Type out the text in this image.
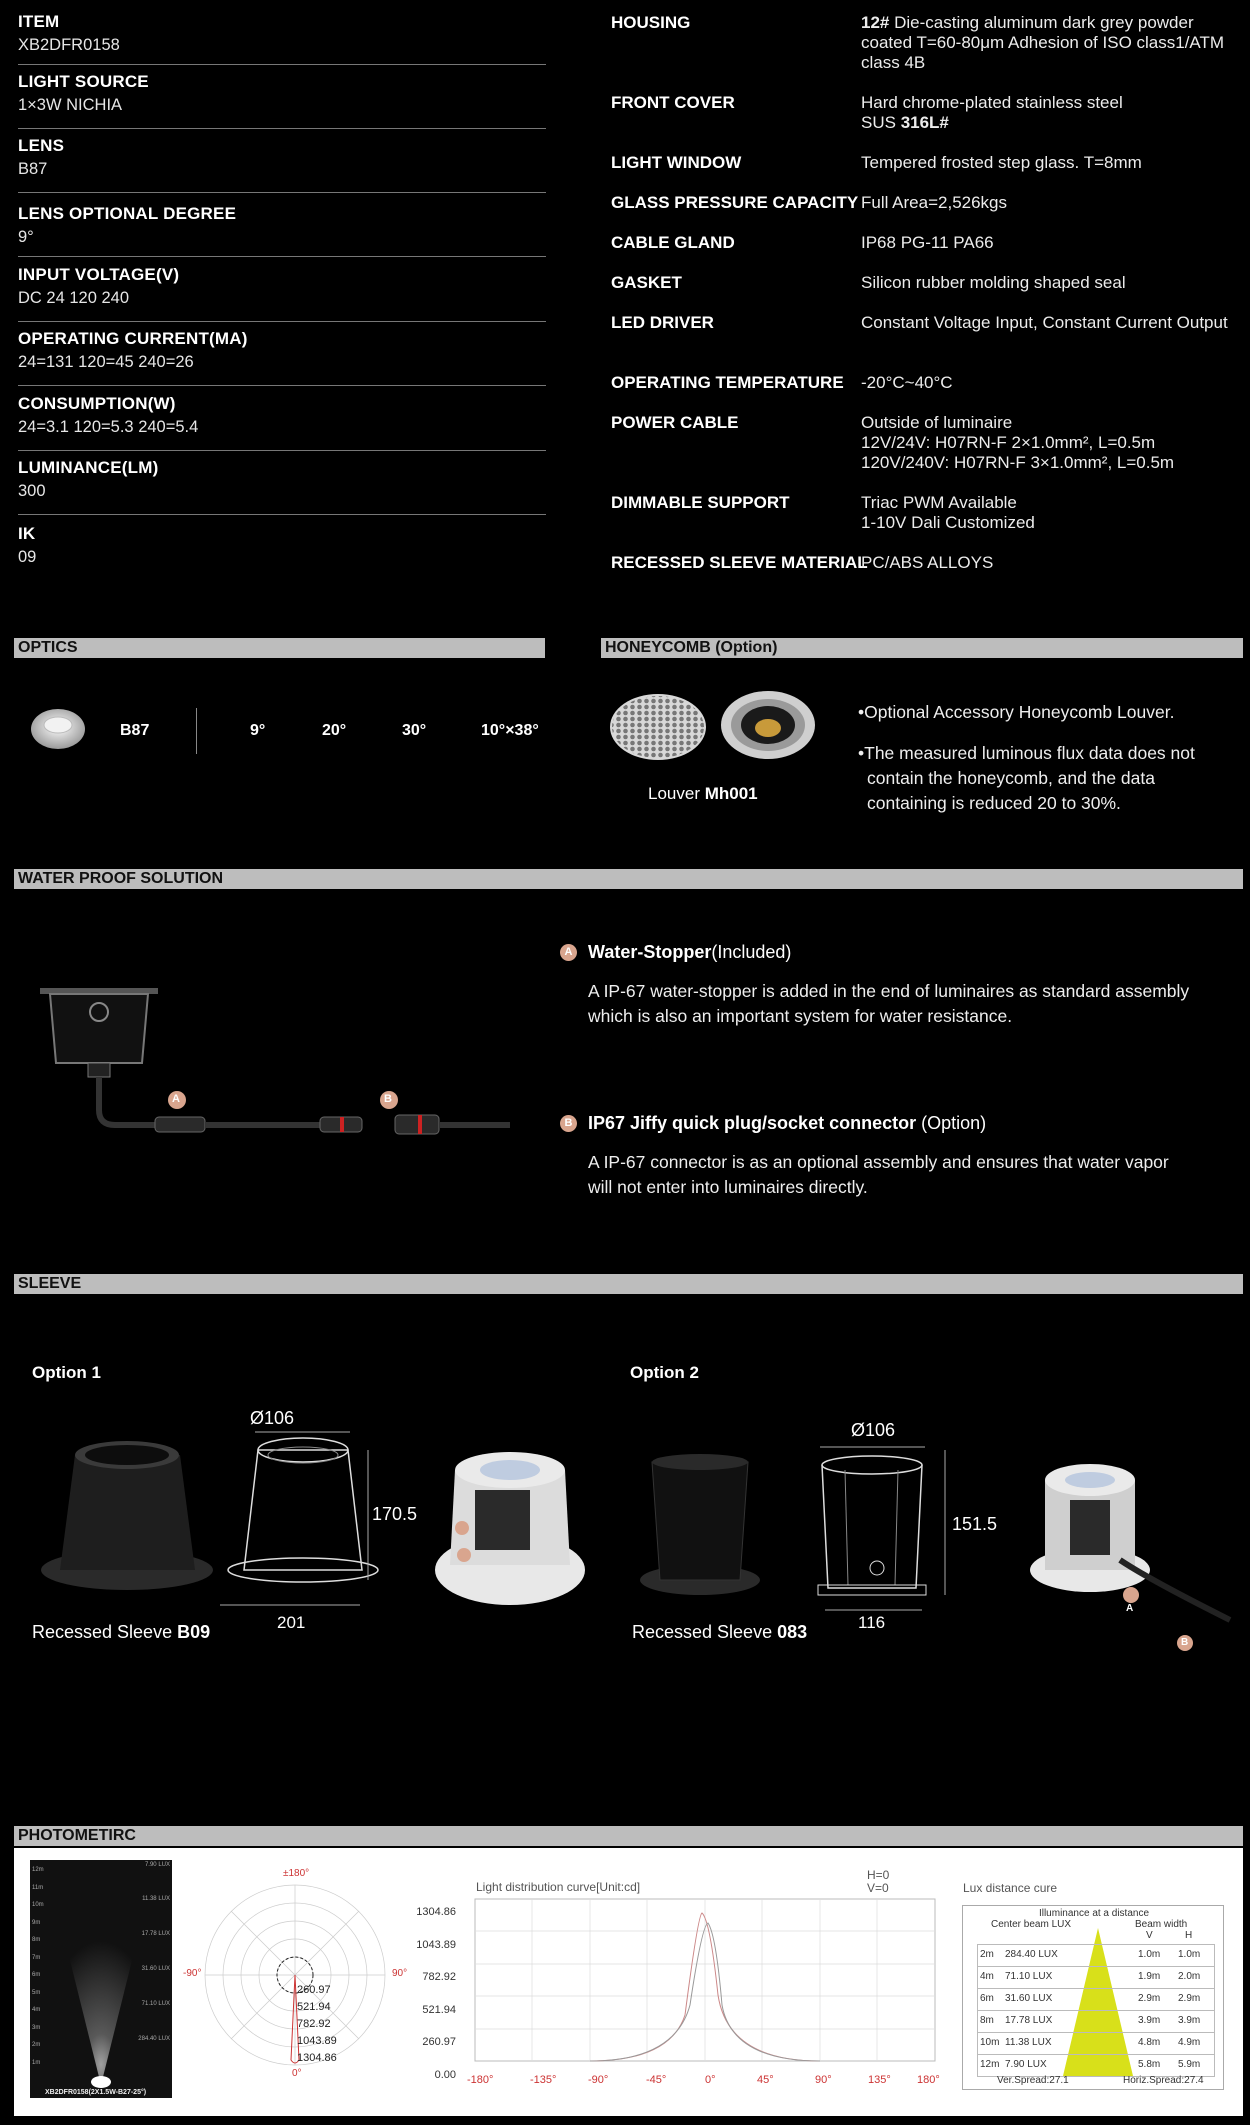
ITEM
XB2DFR0158
LIGHT SOURCE
1×3W NICHIA
LENS
B87
LENS OPTIONAL DEGREE
9°
INPUT VOLTAGE(V)
DC 24 120 240
OPERATING CURRENT(MA)
24=131 120=45 240=26
CONSUMPTION(W)
24=3.1 120=5.3 240=5.4
LUMINANCE(LM)
300
IK
09
HOUSING	12# Die-casting aluminum dark grey powder coated T=60-80μm Adhesion of ISO class1/ATM class 4B
FRONT COVER	Hard chrome-plated stainless steel SUS 316L#
LIGHT WINDOW	Tempered frosted step glass. T=8mm
GLASS PRESSURE CAPACITY Full Area=2,526kgs
CABLE GLAND	IP68 PG-11 PA66
GASKET	Silicon rubber molding shaped seal
LED DRIVER	Constant Voltage Input, Constant Current Output
OPERATING TEMPERATURE -20°C~40°C
POWER CABLE	Outside of luminaire
12V/24V: H07RN-F 2×1.0mm², L=0.5m
120V/240V: H07RN-F 3×1.0mm², L=0.5m
DIMMABLE SUPPORT	Triac PWM Available
1-10V Dali Customized
RECESSED SLEEVE MATERIAL
PC/ABS ALLOYS
OPTICS	HONEYCOMB (Option)
B87	9°	20°	30°	10°×38°
Louver Mh001
•Optional Accessory Honeycomb Louver.
•The measured luminous flux data does not
contain the honeycomb, and the data
containing is reduced 20 to 30%.
WATER PROOF SOLUTION
A	B
A Water-Stopper(Included)
A IP-67 water-stopper is added in the end of luminaires as standard assembly
which is also an important system for water resistance.
B IP67 Jiffy quick plug/socket connector (Option)
A IP-67 connector is as an optional assembly and ensures that water vapor
will not enter into luminaires directly.
SLEEVE
Option 1	Option 2
Ø106
170.5
201
Recessed Sleeve B09
Ø106
151.5
116
A
B
Recessed Sleeve 083
PHOTOMETIRC
12m
11m
10m
9m
8m
7m
6m
5m
4m
3m
2m
1m
7.90 LUX
11.38 LUX
17.78 LUX
31.60 LUX
71.10 LUX
284.40 LUX
XB2DFR0158(2X1.5W-B27-25°)
±180°
-90°	90°
0°
260.97
521.94
782.92
1043.89
1304.86
Light distribution curve[Unit:cd]
H=0
V=0
1304.86
1043.89
782.92
521.94
260.97
0.00 -180°	-135°	-90°	-45°	0°	45°	90°	135° 180°
Lux distance cure
Illuminance at a distance
Center beam LUX	Beam width
V	H
2m 284.40 LUX	1.0m 1.0m
4m 71.10 LUX	1.9m 2.0m
6m 31.60 LUX	2.9m 2.9m
8m 17.78 LUX	3.9m 3.9m
10m 11.38 LUX	4.8m 4.9m
12m 7.90 LUX	5.8m 5.9m
Ver.Spread:27.1	Horiz.Spread:27.4
